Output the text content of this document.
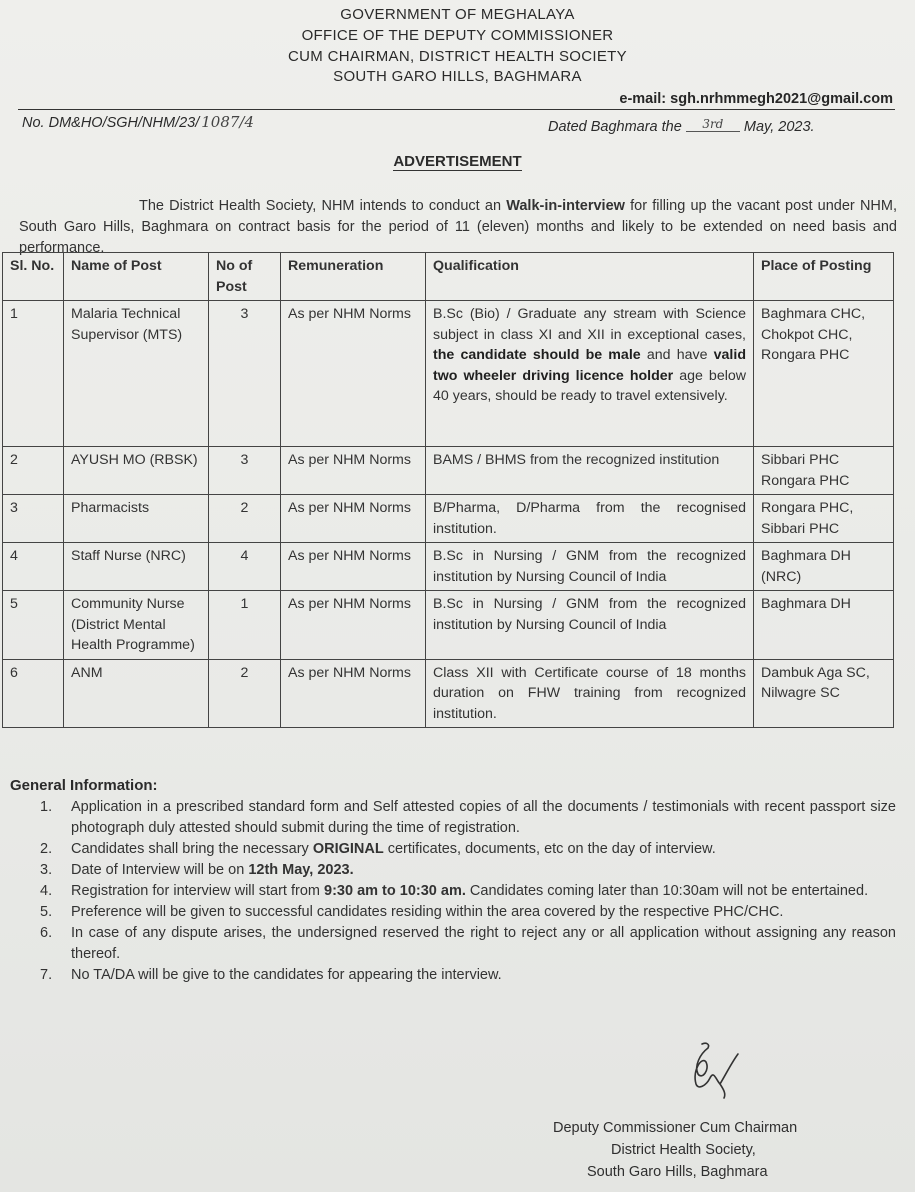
GOVERNMENT OF MEGHALAYA
OFFICE OF THE DEPUTY COMMISSIONER
CUM CHAIRMAN, DISTRICT HEALTH SOCIETY
SOUTH GARO HILLS, BAGHMARA
e-mail: sgh.nrhmmegh2021@gmail.com
No. DM&HO/SGH/NHM/23/ 1087/4	Dated Baghmara the 3rd May, 2023.
ADVERTISEMENT
The District Health Society, NHM intends to conduct an Walk-in-interview for filling up the vacant post under NHM, South Garo Hills, Baghmara on contract basis for the period of 11 (eleven) months and likely to be extended on need basis and performance.
Sl. No.	Name of Post	No of Post	Remuneration	Qualification	Place of Posting
1	Malaria Technical Supervisor (MTS)	3	As per NHM Norms	B.Sc (Bio) / Graduate any stream with Science subject in class XI and XII in exceptional cases, the candidate should be male and have valid two wheeler driving licence holder age below 40 years, should be ready to travel extensively.	Baghmara CHC, Chokpot CHC, Rongara PHC
2	AYUSH MO (RBSK)	3	As per NHM Norms	BAMS / BHMS from the recognized institution	Sibbari PHC Rongara PHC
3	Pharmacists	2	As per NHM Norms	B/Pharma, D/Pharma from the recognised institution.	Rongara PHC, Sibbari PHC
4	Staff Nurse (NRC)	4	As per NHM Norms	B.Sc in Nursing / GNM from the recognized institution by Nursing Council of India	Baghmara DH (NRC)
5	Community Nurse (District Mental Health Programme)	1	As per NHM Norms	B.Sc in Nursing / GNM from the recognized institution by Nursing Council of India	Baghmara DH
6	ANM	2	As per NHM Norms	Class XII with Certificate course of 18 months duration on FHW training from recognized institution.	Dambuk Aga SC, Nilwagre SC
General Information:
1. Application in a prescribed standard form and Self attested copies of all the documents / testimonials with recent passport size photograph duly attested should submit during the time of registration.
2. Candidates shall bring the necessary ORIGINAL certificates, documents, etc on the day of interview.
3. Date of Interview will be on 12th May, 2023.
4. Registration for interview will start from 9:30 am to 10:30 am. Candidates coming later than 10:30am will not be entertained.
5. Preference will be given to successful candidates residing within the area covered by the respective PHC/CHC.
6. In case of any dispute arises, the undersigned reserved the right to reject any or all application without assigning any reason thereof.
7. No TA/DA will be give to the candidates for appearing the interview.
Deputy Commissioner Cum Chairman
District Health Society,
South Garo Hills, Baghmara
